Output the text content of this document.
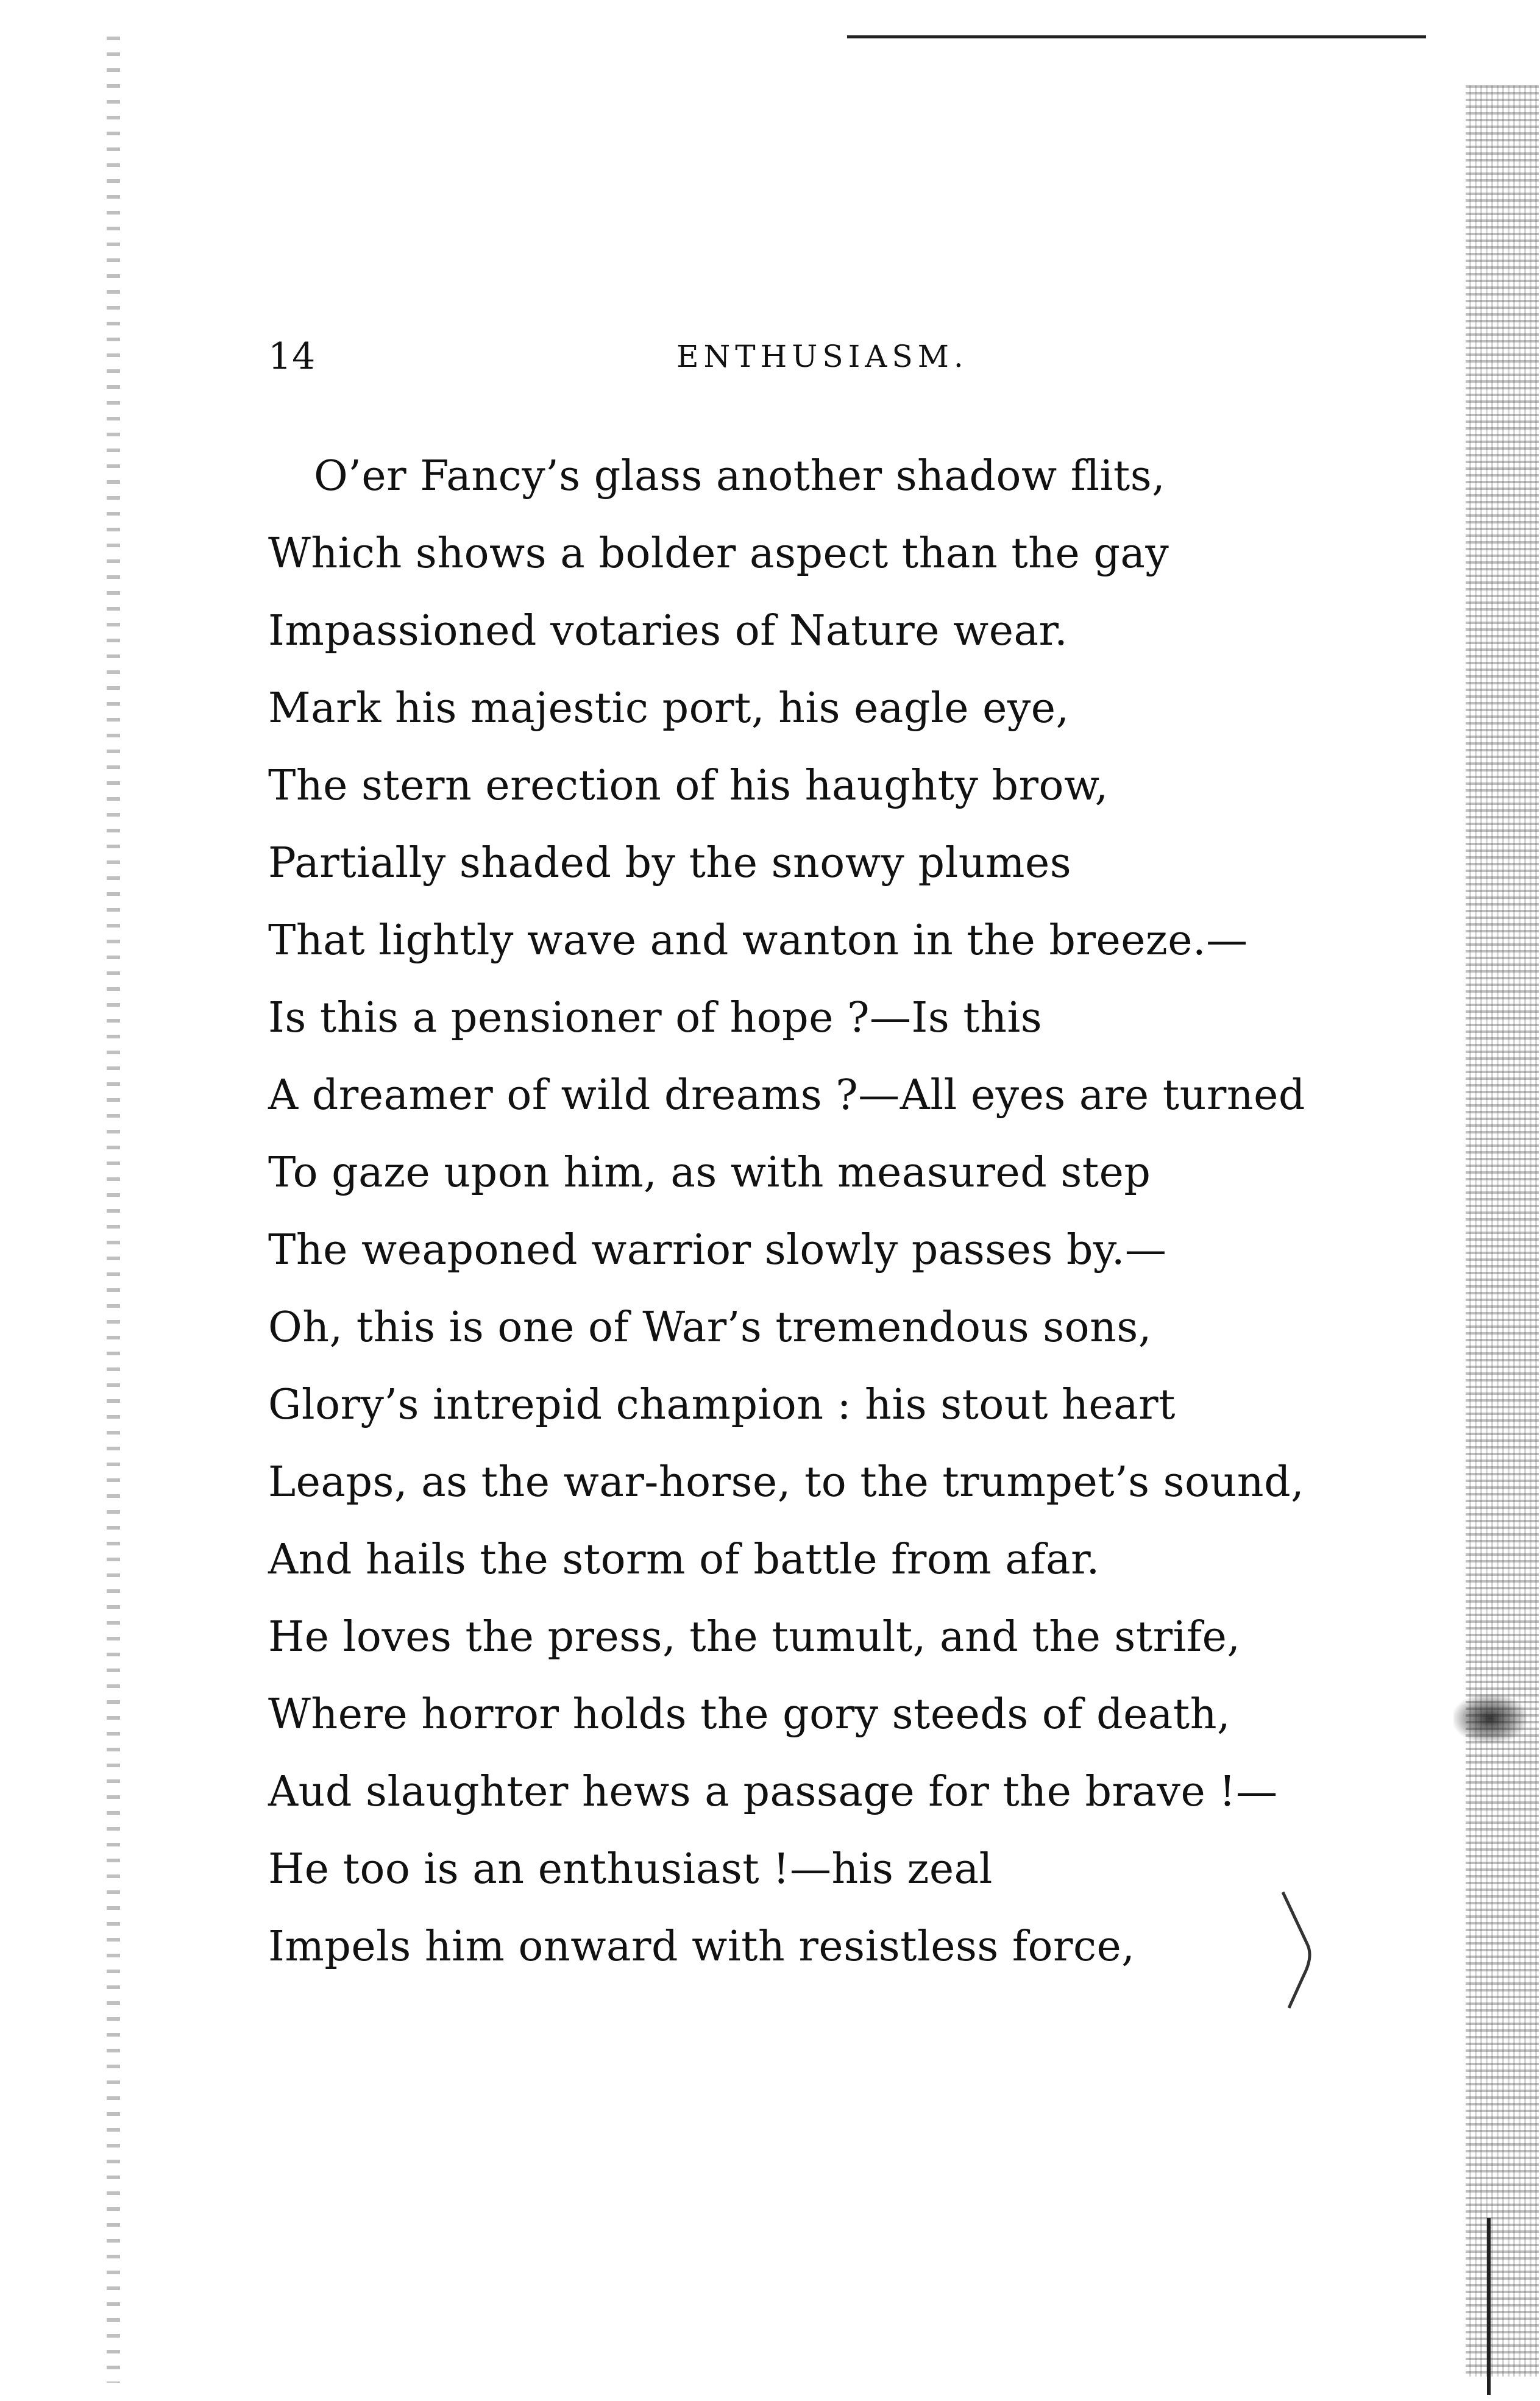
14	ENTHUSIASM.
O’er Fancy’s glass another shadow flits,
Which shows a bolder aspect than the gay
Impassioned votaries of Nature wear.
Mark his majestic port, his eagle eye,
The stern erection of his haughty brow,
Partially shaded by the snowy plumes
That lightly wave and wanton in the breeze.—
Is this a pensioner of hope ?—Is this
A dreamer of wild dreams ?—All eyes are turned
To gaze upon him, as with measured step
The weaponed warrior slowly passes by.—
Oh, this is one of War’s tremendous sons,
Glory’s intrepid champion : his stout heart
Leaps, as the war-horse, to the trumpet’s sound,
And hails the storm of battle from afar.
He loves the press, the tumult, and the strife,
Where horror holds the gory steeds of death,
Aud slaughter hews a passage for the brave !—
He too is an enthusiast !—his zeal
Impels him onward with resistless force,
